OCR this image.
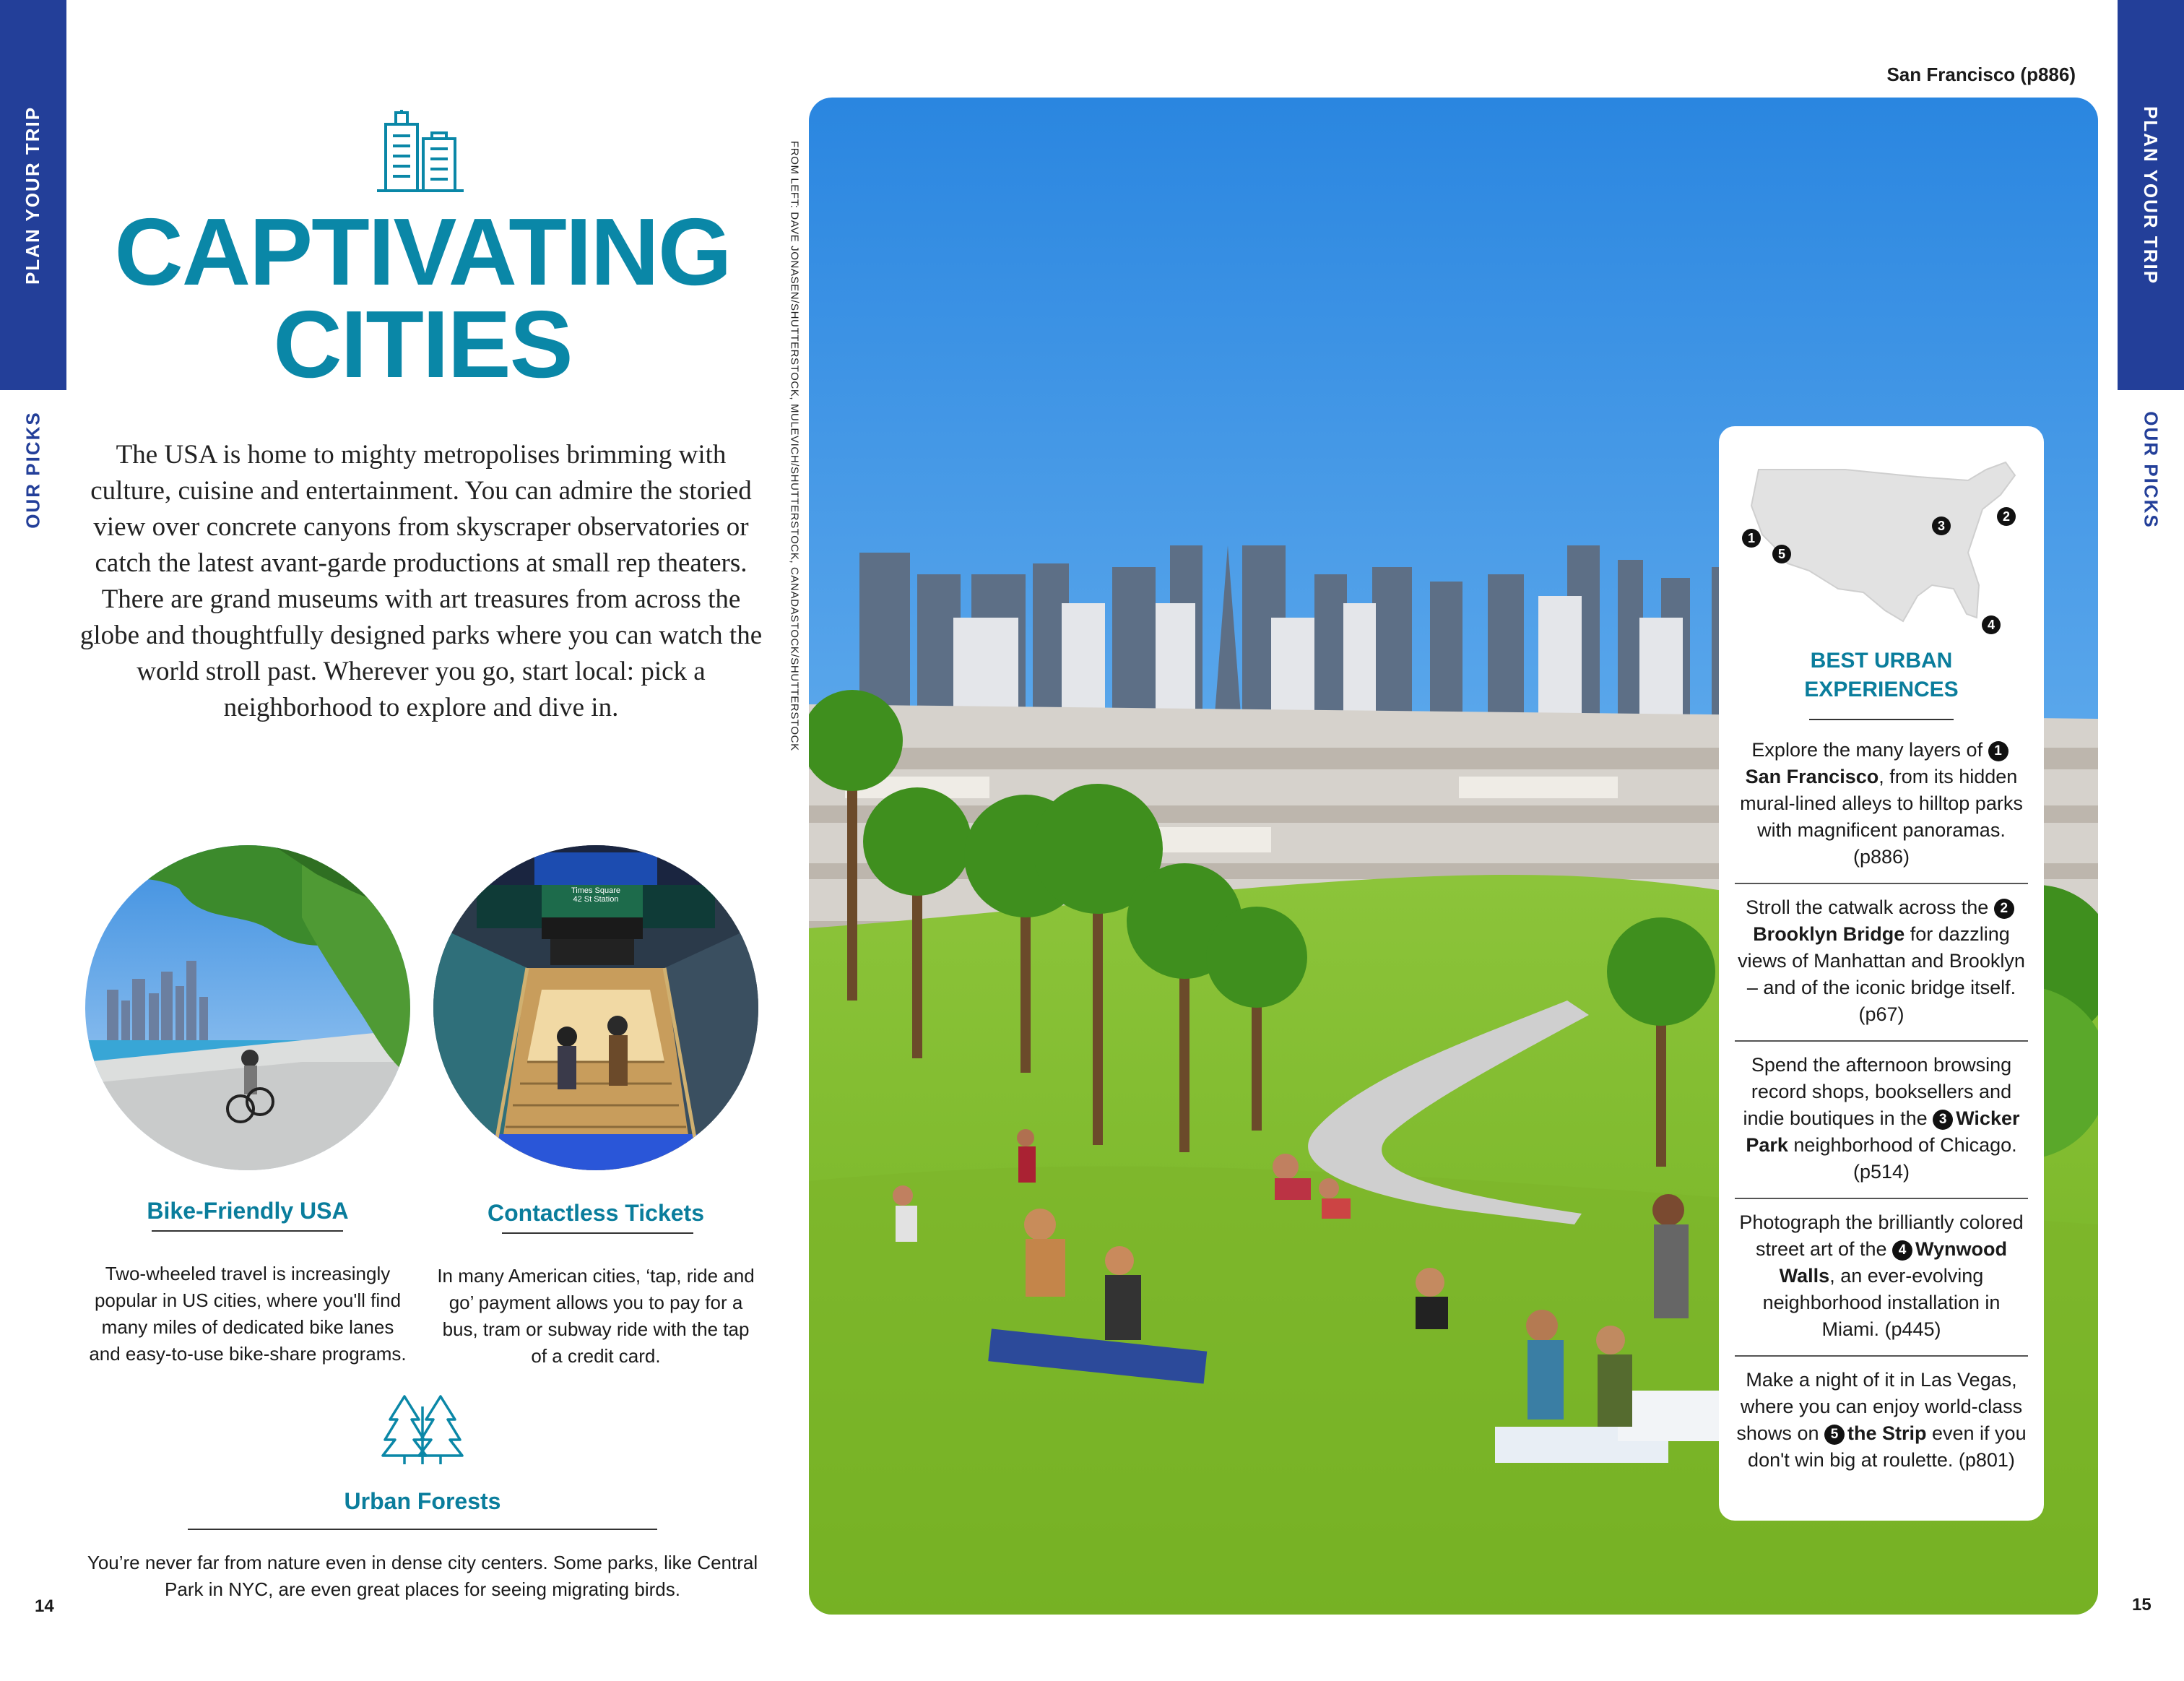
PLAN YOUR TRIP
OUR PICKS
PLAN YOUR TRIP
OUR PICKS
14	15
CAPTIVATING
CITIES
The USA is home to mighty metropolises brimming with culture, cuisine and entertainment. You can admire the storied view over concrete canyons from skyscraper observatories or catch the latest avant-garde productions at small rep theaters. There are grand museums with art treasures from across the globe and thoughtfully designed parks where you can watch the world stroll past. Wherever you go, start local: pick a neighborhood to explore and dive in.
Times Square
42 St Station
Bike-Friendly USA
Two-wheeled travel is increasingly popular in US cities, where you'll find many miles of dedicated bike lanes and easy-to-use bike-share programs.
Contactless Tickets
In many American cities, ‘tap, ride and go’ payment allows you to pay for a bus, tram or subway ride with the tap of a credit card.
Urban Forests
You’re never far from nature even in dense city centers. Some parks, like Central Park in NYC, are even great places for seeing migrating birds.
FROM LEFT: DAVE JONASEN/SHUTTERSTOCK, MULEVICH/SHUTTERSTOCK, CANADASTOCK/SHUTTERSTOCK
San Francisco (p886)
1
2
3
4
5
BEST URBAN
EXPERIENCES
Explore the many layers of 1San Francisco, from its hidden mural-lined alleys to hilltop parks with magnificent panoramas. (p886)
Stroll the catwalk across the 2Brooklyn Bridge for dazzling views of Manhattan and Brooklyn – and of the iconic bridge itself. (p67)
Spend the afternoon browsing record shops, booksellers and indie boutiques in the 3 Wicker Park neighborhood of Chicago. (p514)
Photograph the brilliantly colored street art of the 4 Wynwood Walls, an ever-evolving neighborhood installation in Miami. (p445)
Make a night of it in Las Vegas, where you can enjoy world-class shows on 5 the Strip even if you don't win big at roulette. (p801)
